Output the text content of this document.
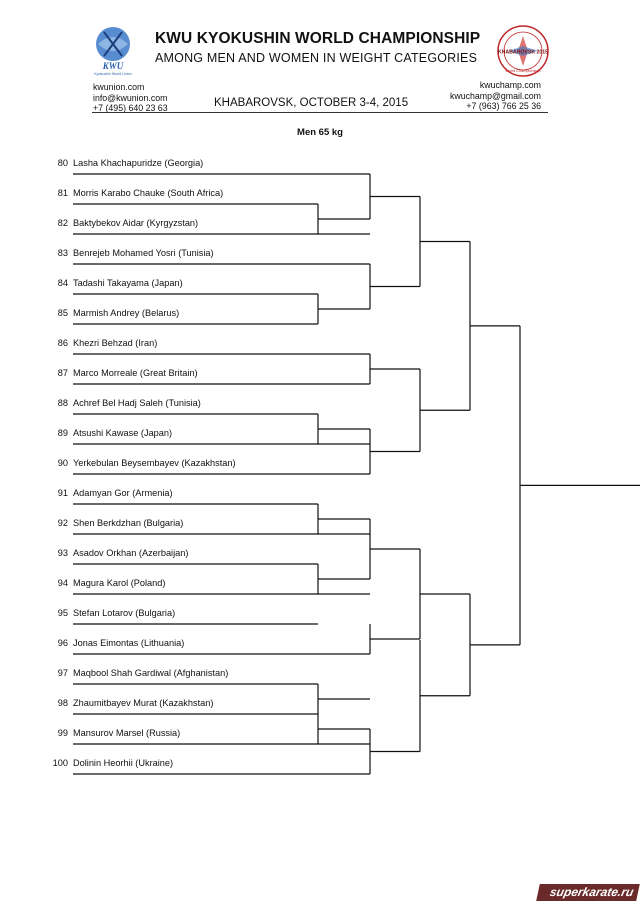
KWU
Kyokushin World Union
KWU KYOKUSHIN WORLD CHAMPIONSHIP
AMONG MEN AND WOMEN IN WEIGHT CATEGORIES	KHABAROVSK 2015
World Championship
kwunion.com
info@kwunion.com
+7 (495) 640 23 63	KHABAROVSK, OCTOBER 3-4, 2015
kwuchamp.com
kwuchamp@gmail.com
+7 (963) 766 25 36
Men 65 kg
80 Lasha Khachapuridze (Georgia)
81 Morris Karabo Chauke (South Africa)
82 Baktybekov Aidar (Kyrgyzstan)
83 Benrejeb Mohamed Yosri (Tunisia)
84 Tadashi Takayama (Japan)
85 Marmish Andrey (Belarus)
86 Khezri Behzad (Iran)
87 Marco Morreale (Great Britain)
88 Achref Bel Hadj Saleh (Tunisia)
89 Atsushi Kawase (Japan)
90 Yerkebulan Beysembayev (Kazakhstan)
91 Adamyan Gor (Armenia)
92 Shen Berkdzhan (Bulgaria)
93 Asadov Orkhan (Azerbaijan)
94 Magura Karol (Poland)
95 Stefan Lotarov (Bulgaria)
96 Jonas Eimontas (Lithuania)
97 Maqbool Shah Gardiwal (Afghanistan)
98 Zhaumitbayev Murat (Kazakhstan)
99 Mansurov Marsel (Russia)
100 Dolinin Heorhii (Ukraine)
superkarate.ru
